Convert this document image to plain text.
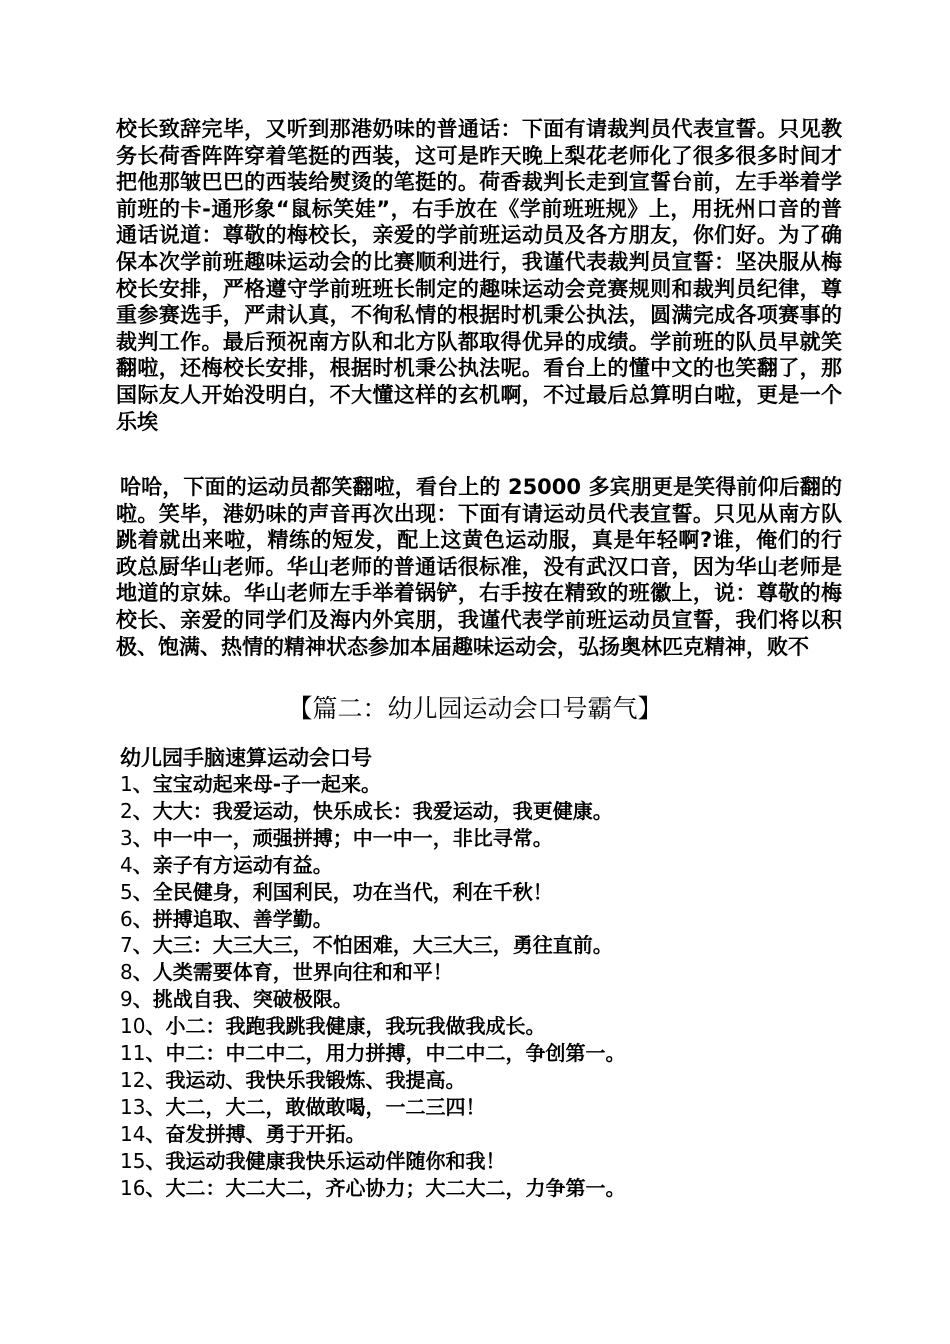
校长致辞完毕，又听到那港奶味的普通话：下面有请裁判员代表宣誓。只见教务长荷香阵阵穿着笔挺的西装，这可是昨天晚上梨花老师化了很多很多时间才把他那皱巴巴的西装给熨烫的笔挺的。荷香裁判长走到宣誓台前，左手举着学前班的卡-通形象“鼠标笑娃”，右手放在《学前班班规》上，用抚州口音的普通话说道：尊敬的梅校长，亲爱的学前班运动员及各方朋友，你们好。为了确保本次学前班趣味运动会的比赛顺利进行，我谨代表裁判员宣誓：坚决服从梅校长安排，严格遵守学前班班长制定的趣味运动会竞赛规则和裁判员纪律，尊重参赛选手，严肃认真，不徇私情的根据时机秉公执法，圆满完成各项赛事的裁判工作。最后预祝南方队和北方队都取得优异的成绩。学前班的队员早就笑翻啦，还梅校长安排，根据时机秉公执法呢。看台上的懂中文的也笑翻了，那国际友人开始没明白，不大懂这样的玄机啊，不过最后总算明白啦，更是一个乐埃

哈哈，下面的运动员都笑翻啦，看台上的 25000 多宾朋更是笑得前仰后翻的啦。笑毕，港奶味的声音再次出现：下面有请运动员代表宣誓。只见从南方队跳着就出来啦，精练的短发，配上这黄色运动服，真是年轻啊?谁，俺们的行政总厨华山老师。华山老师的普通话很标准，没有武汉口音，因为华山老师是地道的京妹。华山老师左手举着锅铲，右手按在精致的班徽上，说：尊敬的梅校长、亲爱的同学们及海内外宾朋，我谨代表学前班运动员宣誓，我们将以积极、饱满、热情的精神状态参加本届趣味运动会，弘扬奥林匹克精神，败不

【篇二：幼儿园运动会口号霸气】
幼儿园手脑速算运动会口号
1、宝宝动起来母-子一起来。
2、大大：我爱运动，快乐成长：我爱运动，我更健康。
3、中一中一，顽强拼搏；中一中一，非比寻常。
4、亲子有方运动有益。
5、全民健身，利国利民，功在当代，利在千秋！
6、拼搏追取、善学勤。
7、大三：大三大三，不怕困难，大三大三，勇往直前。
8、人类需要体育，世界向往和和平！
9、挑战自我、突破极限。
10、小二：我跑我跳我健康，我玩我做我成长。
11、中二：中二中二，用力拼搏，中二中二，争创第一。
12、我运动、我快乐我锻炼、我提高。
13、大二，大二，敢做敢喝，一二三四！
14、奋发拼搏、勇于开拓。
15、我运动我健康我快乐运动伴随你和我！
16、大二：大二大二，齐心协力；大二大二，力争第一。
